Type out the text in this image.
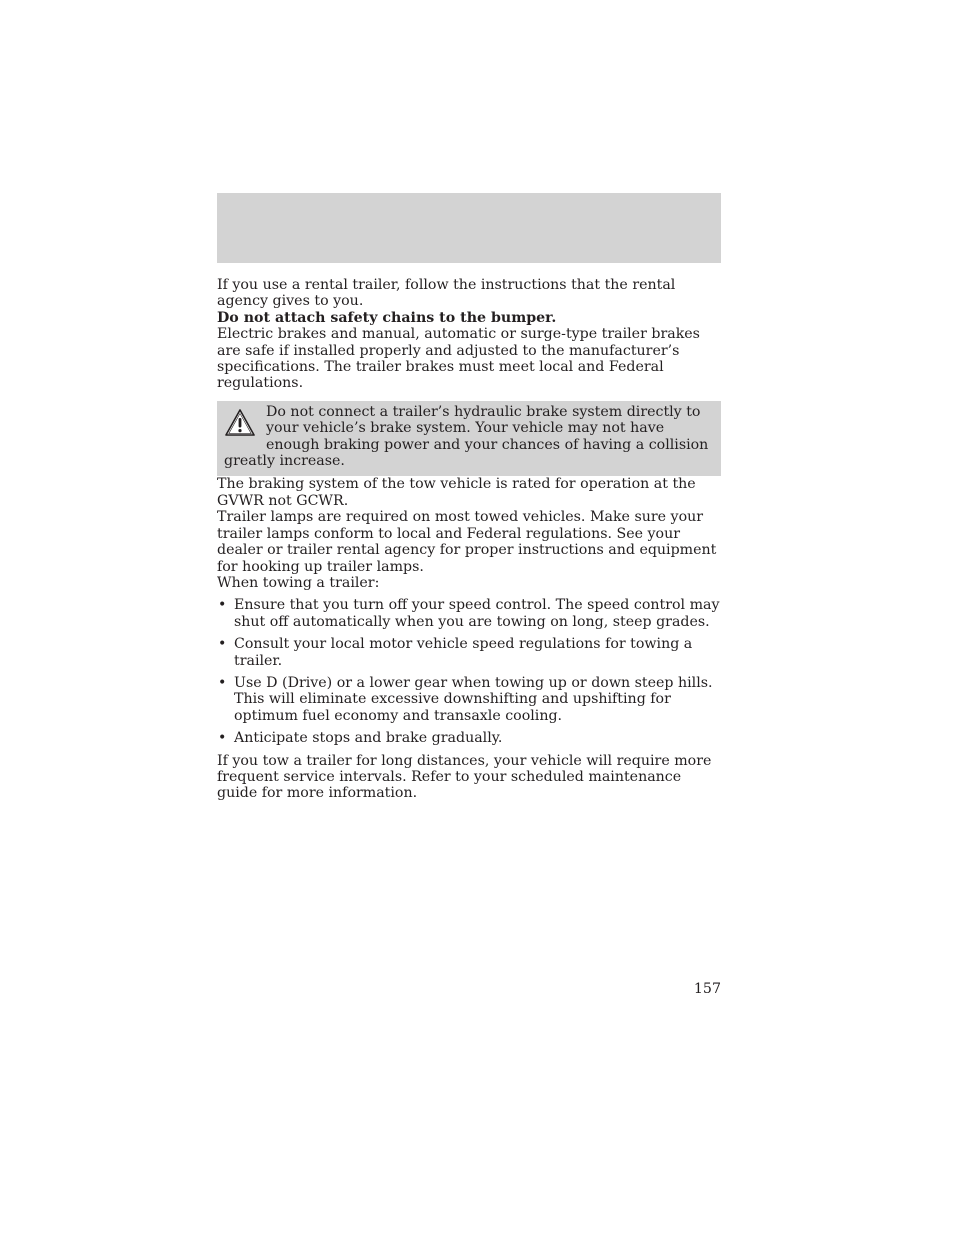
If you use a rental trailer, follow the instructions that the rental agency gives to you.

Do not attach safety chains to the bumper.

Electric brakes and manual, automatic or surge-type trailer brakes are safe if installed properly and adjusted to the manufacturer’s specifications. The trailer brakes must meet local and Federal regulations.

Do not connect a trailer’s hydraulic brake system directly to your vehicle’s brake system. Your vehicle may not have enough braking power and your chances of having a collision greatly increase.

The braking system of the tow vehicle is rated for operation at the GVWR not GCWR.

Trailer lamps are required on most towed vehicles. Make sure your trailer lamps conform to local and Federal regulations. See your dealer or trailer rental agency for proper instructions and equipment for hooking up trailer lamps.

When towing a trailer:

• Ensure that you turn off your speed control. The speed control may shut off automatically when you are towing on long, steep grades.
• Consult your local motor vehicle speed regulations for towing a trailer.
• Use D (Drive) or a lower gear when towing up or down steep hills. This will eliminate excessive downshifting and upshifting for optimum fuel economy and transaxle cooling.
• Anticipate stops and brake gradually.

If you tow a trailer for long distances, your vehicle will require more frequent service intervals. Refer to your scheduled maintenance guide for more information.

157
